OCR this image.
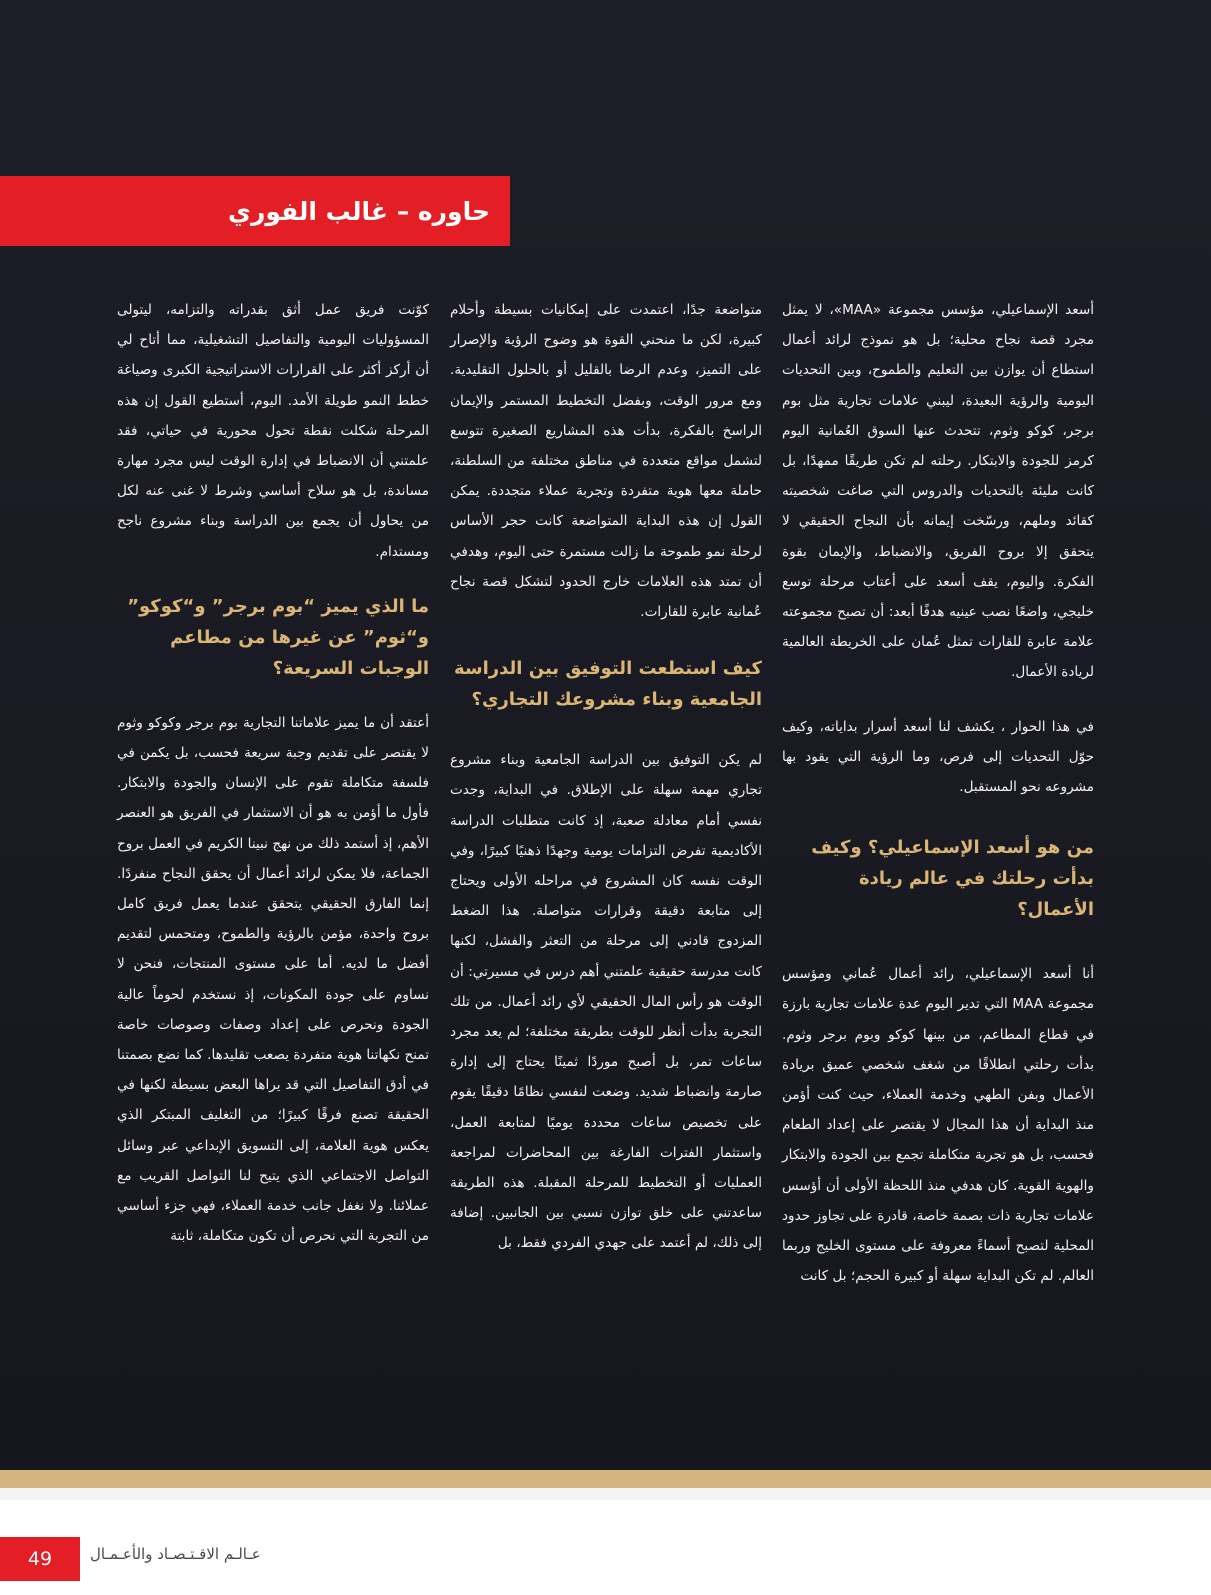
حاوره – غالب الفوري

أسعد الإسماعيلي، مؤسس مجموعة «MAA»، لا يمثل مجرد قصة نجاح محلية؛ بل هو نموذج لرائد أعمال استطاع أن يوازن بين التعليم والطموح، وبين التحديات اليومية والرؤية البعيدة، ليبني علامات تجارية مثل بوم برجر، كوكو وثوم، تتحدث عنها السوق العُمانية اليوم كرمز للجودة والابتكار. رحلته لم تكن طريقًا ممهدًا، بل كانت مليئة بالتحديات والدروس التي صاغت شخصيته كقائد وملهم، ورسّخت إيمانه بأن النجاح الحقيقي لا يتحقق إلا بروح الفريق، والانضباط، والإيمان بقوة الفكرة. واليوم، يقف أسعد على أعتاب مرحلة توسع خليجي، واضعًا نصب عينيه هدفًا أبعد: أن تصبح مجموعته علامة عابرة للقارات تمثل عُمان على الخريطة العالمية لريادة الأعمال.

في هذا الحوار ، يكشف لنا أسعد أسرار بداياته، وكيف حوّل التحديات إلى فرص، وما الرؤية التي يقود بها مشروعه نحو المستقبل.

من هو أسعد الإسماعيلي؟ وكيف بدأت رحلتك في عالم ريادة الأعمال؟

أنا أسعد الإسماعيلي، رائد أعمال عُماني ومؤسس مجموعة MAA التي تدير اليوم عدة علامات تجارية بارزة في قطاع المطاعم، من بينها كوكو وبوم برجر وثوم. بدأت رحلتي انطلاقًا من شغف شخصي عميق بريادة الأعمال وبفن الطهي وخدمة العملاء، حيث كنت أؤمن منذ البداية أن هذا المجال لا يقتصر على إعداد الطعام فحسب، بل هو تجربة متكاملة تجمع بين الجودة والابتكار والهوية القوية. كان هدفي منذ اللحظة الأولى أن أؤسس علامات تجارية ذات بصمة خاصة، قادرة على تجاوز حدود المحلية لتصبح أسماءً معروفة على مستوى الخليج وربما العالم. لم تكن البداية سهلة أو كبيرة الحجم؛ بل كانت

متواضعة جدًا، اعتمدت على إمكانيات بسيطة وأحلام كبيرة، لكن ما منحني القوة هو وضوح الرؤية والإصرار على التميز، وعدم الرضا بالقليل أو بالحلول التقليدية. ومع مرور الوقت، وبفضل التخطيط المستمر والإيمان الراسخ بالفكرة، بدأت هذه المشاريع الصغيرة تتوسع لتشمل مواقع متعددة في مناطق مختلفة من السلطنة، حاملة معها هوية متفردة وتجربة عملاء متجددة. يمكن القول إن هذه البداية المتواضعة كانت حجر الأساس لرحلة نمو طموحة ما زالت مستمرة حتى اليوم، وهدفي أن تمتد هذه العلامات خارج الحدود لتشكل قصة نجاح عُمانية عابرة للقارات.

كيف استطعت التوفيق بين الدراسة الجامعية وبناء مشروعك التجاري؟

لم يكن التوفيق بين الدراسة الجامعية وبناء مشروع تجاري مهمة سهلة على الإطلاق. في البداية، وجدت نفسي أمام معادلة صعبة، إذ كانت متطلبات الدراسة الأكاديمية تفرض التزامات يومية وجهدًا ذهنيًا كبيرًا، وفي الوقت نفسه كان المشروع في مراحله الأولى ويحتاج إلى متابعة دقيقة وقرارات متواصلة. هذا الضغط المزدوج قادني إلى مرحلة من التعثر والفشل، لكنها كانت مدرسة حقيقية علمتني أهم درس في مسيرتي: أن الوقت هو رأس المال الحقيقي لأي رائد أعمال. من تلك التجربة بدأت أنظر للوقت بطريقة مختلفة؛ لم يعد مجرد ساعات تمر، بل أصبح موردًا ثمينًا يحتاج إلى إدارة صارمة وانضباط شديد. وضعت لنفسي نظامًا دقيقًا يقوم على تخصيص ساعات محددة يوميًا لمتابعة العمل، واستثمار الفترات الفارغة بين المحاضرات لمراجعة العمليات أو التخطيط للمرحلة المقبلة. هذه الطريقة ساعدتني على خلق توازن نسبي بين الجانبين. إضافة إلى ذلك، لم أعتمد على جهدي الفردي فقط، بل

كوّنت فريق عمل أثق بقدراته والتزامه، ليتولى المسؤوليات اليومية والتفاصيل التشغيلية، مما أتاح لي أن أركز أكثر على القرارات الاستراتيجية الكبرى وصياغة خطط النمو طويلة الأمد. اليوم، أستطيع القول إن هذه المرحلة شكلت نقطة تحول محورية في حياتي، فقد علمتني أن الانضباط في إدارة الوقت ليس مجرد مهارة مساندة، بل هو سلاح أساسي وشرط لا غنى عنه لكل من يحاول أن يجمع بين الدراسة وبناء مشروع ناجح ومستدام.

ما الذي يميز “بوم برجر” و“كوكو” و“ثوم” عن غيرها من مطاعم الوجبات السريعة؟

أعتقد أن ما يميز علاماتنا التجارية بوم برجر وكوكو وثوم لا يقتصر على تقديم وجبة سريعة فحسب، بل يكمن في فلسفة متكاملة تقوم على الإنسان والجودة والابتكار. فأول ما أؤمن به هو أن الاستثمار في الفريق هو العنصر الأهم، إذ أستمد ذلك من نهج نبينا الكريم في العمل بروح الجماعة، فلا يمكن لرائد أعمال أن يحقق النجاح منفردًا. إنما الفارق الحقيقي يتحقق عندما يعمل فريق كامل بروح واحدة، مؤمن بالرؤية والطموح، ومتحمس لتقديم أفضل ما لديه. أما على مستوى المنتجات، فنحن لا نساوم على جودة المكونات، إذ نستخدم لحوماً عالية الجودة ونحرص على إعداد وصفات وصوصات خاصة تمنح نكهاتنا هوية متفردة يصعب تقليدها. كما نضع بصمتنا في أدق التفاصيل التي قد يراها البعض بسيطة لكنها في الحقيقة تصنع فرقًا كبيرًا؛ من التغليف المبتكر الذي يعكس هوية العلامة، إلى التسويق الإبداعي عبر وسائل التواصل الاجتماعي الذي يتيح لنا التواصل القريب مع عملائنا. ولا نغفل جانب خدمة العملاء، فهي جزء أساسي من التجربة التي نحرص أن تكون متكاملة، ثابتة

49	عـالـم الاقـتـصـاد والأعـمـال
